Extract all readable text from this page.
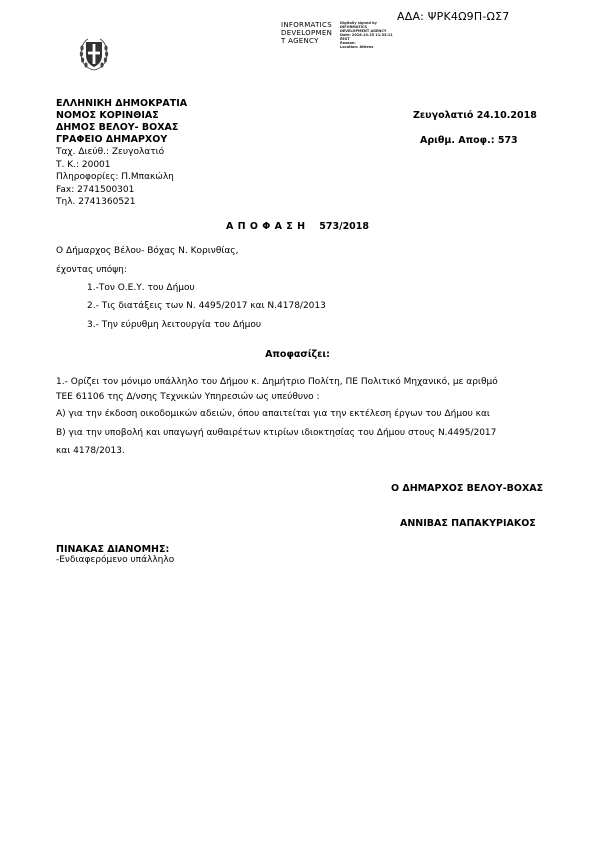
ΑΔΑ: ΨΡΚ4Ω9Π-ΩΣ7
INFORMATICS
DEVELOPMEN
T AGENCY
Digitally signed by
INFORMATICS
DEVELOPMENT AGENCY
Date: 2018.10.25 11:33:11
EEST
Reason:
Location: Athens
ΕΛΛΗΝΙΚΗ ΔΗΜΟΚΡΑΤΙΑ
ΝΟΜΟΣ ΚΟΡΙΝΘΙΑΣ
ΔΗΜΟΣ ΒΕΛΟΥ- ΒΟΧΑΣ
ΓΡΑΦΕΙΟ ΔΗΜΑΡΧΟΥ
Ζευγολατιό 24.10.2018
Αριθμ. Αποφ.: 573
Ταχ. Διεύθ.: Ζευγολατιό
Τ. Κ.: 20001
Πληροφορίες: Π.Μπακώλη
Fax: 2741500301
Τηλ. 2741360521
ΑΠΟΦΑΣΗ 573/2018
Ο Δήμαρχος Βέλου- Βόχας Ν. Κορινθίας,
έχοντας υπόψη:
1.-Τον Ο.Ε.Υ. του Δήμου
2.- Τις διατάξεις των Ν. 4495/2017 και Ν.4178/2013
3.- Την εύρυθμη λειτουργία του Δήμου
Αποφασίζει:
1.- Ορίζει τον μόνιμο υπάλληλο του Δήμου κ. Δημήτριο Πολίτη, ΠΕ Πολιτικό Μηχανικό, με αριθμό
ΤΕΕ 61106 της Δ/νσης Τεχνικών Υπηρεσιών ως υπεύθυνο :
Α) για την έκδοση οικοδομικών αδειών, όπου απαιτείται για την εκτέλεση έργων του Δήμου και
Β) για την υποβολή και υπαγωγή αυθαιρέτων κτιρίων ιδιοκτησίας του Δήμου στους Ν.4495/2017
και 4178/2013.
Ο ΔΗΜΑΡΧΟΣ ΒΕΛΟΥ-ΒΟΧΑΣ
ΑΝΝΙΒΑΣ ΠΑΠΑΚΥΡΙΑΚΟΣ
ΠΙΝΑΚΑΣ ΔΙΑΝΟΜΗΣ:
-Ενδιαφερόμενο υπάλληλο
